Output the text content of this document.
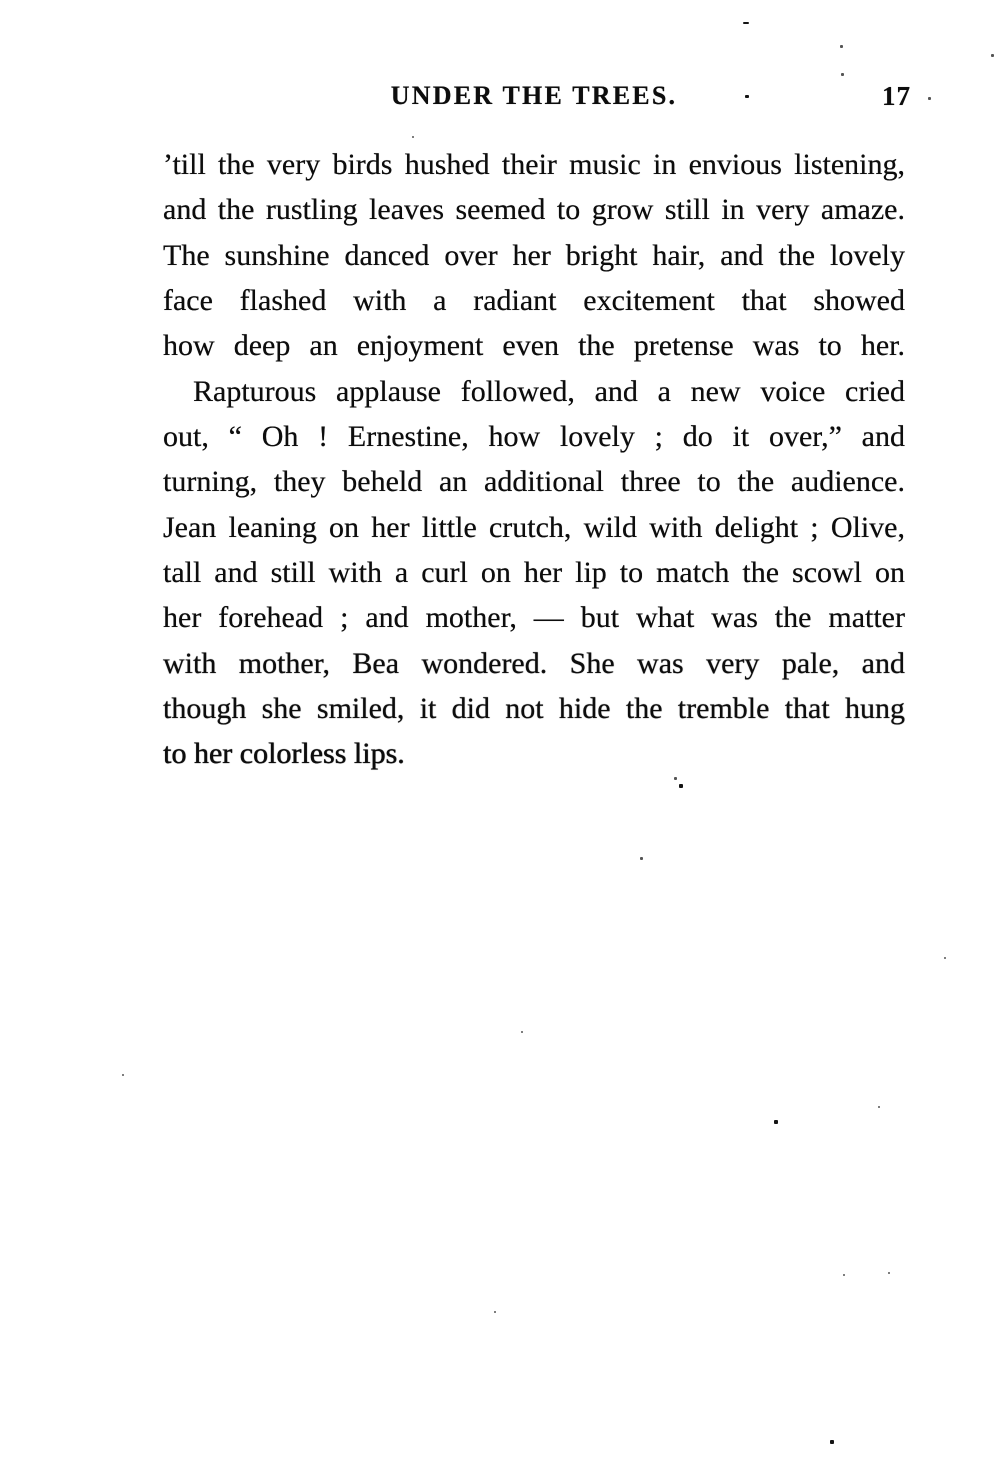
UNDER THE TREES.	17
’till the very birds hushed their music in envious listening,
and the rustling leaves seemed to grow still in very amaze.
The sunshine danced over her bright hair, and the lovely
face flashed with a radiant excitement that showed
how deep an enjoyment even the pretense was to her.
Rapturous applause followed, and a new voice cried
out, “ Oh ! Ernestine, how lovely ; do it over,” and
turning, they beheld an additional three to the audience.
Jean leaning on her little crutch, wild with delight ; Olive,
tall and still with a curl on her lip to match the scowl on
her forehead ; and mother, — but what was the matter
with mother, Bea wondered. She was very pale, and
though she smiled, it did not hide the tremble that hung
to her colorless lips.
